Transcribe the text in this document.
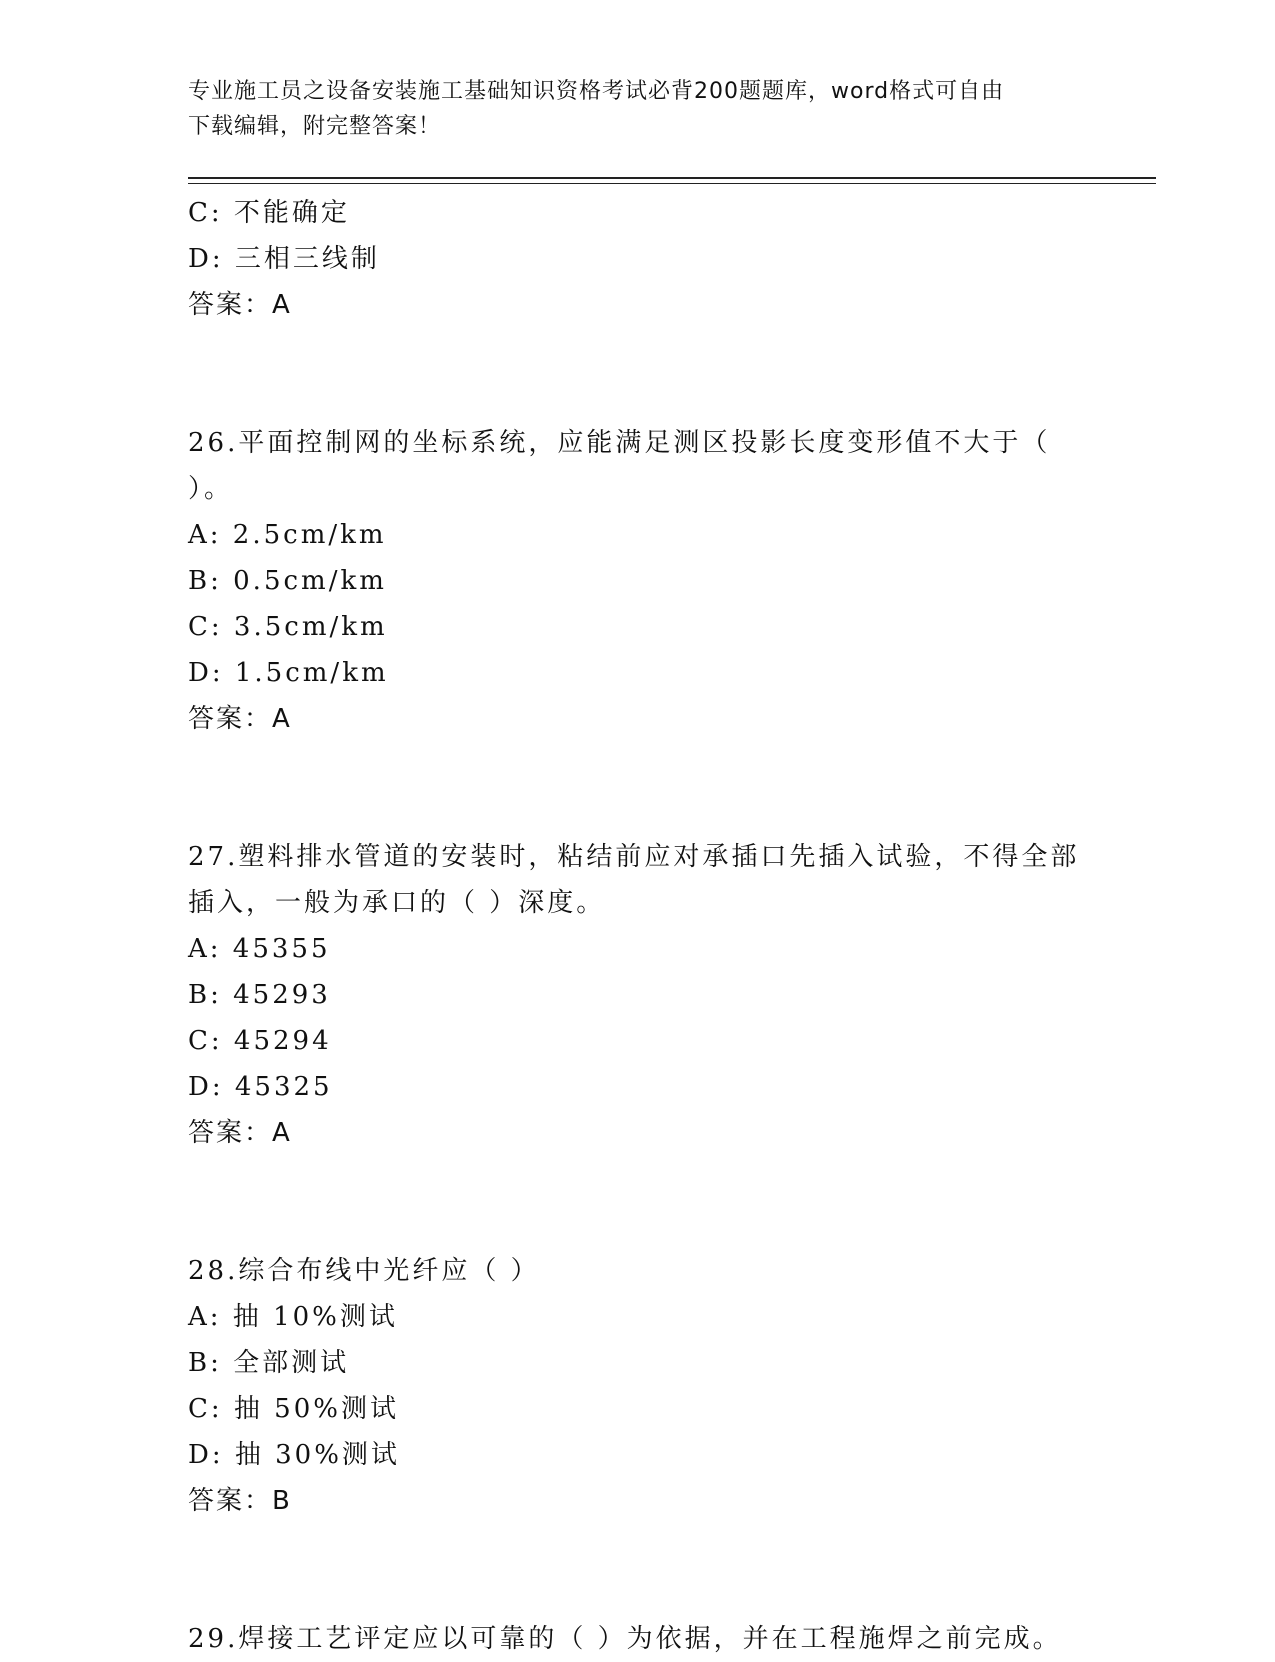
专业施工员之设备安装施工基础知识资格考试必背200题题库，word格式可自由
下载编辑，附完整答案！
C: 不能确定
D: 三相三线制
答案：A
26.平面控制网的坐标系统，应能满足测区投影长度变形值不大于（
）。
A: 2.5cm/km
B: 0.5cm/km
C: 3.5cm/km
D: 1.5cm/km
答案：A
27.塑料排水管道的安装时，粘结前应对承插口先插入试验，不得全部
插入，一般为承口的（ ）深度。
A: 45355
B: 45293
C: 45294
D: 45325
答案：A
28.综合布线中光纤应（ ）
A: 抽 10%测试
B: 全部测试
C: 抽 50%测试
D: 抽 30%测试
答案：B
29.焊接工艺评定应以可靠的（ ）为依据，并在工程施焊之前完成。
